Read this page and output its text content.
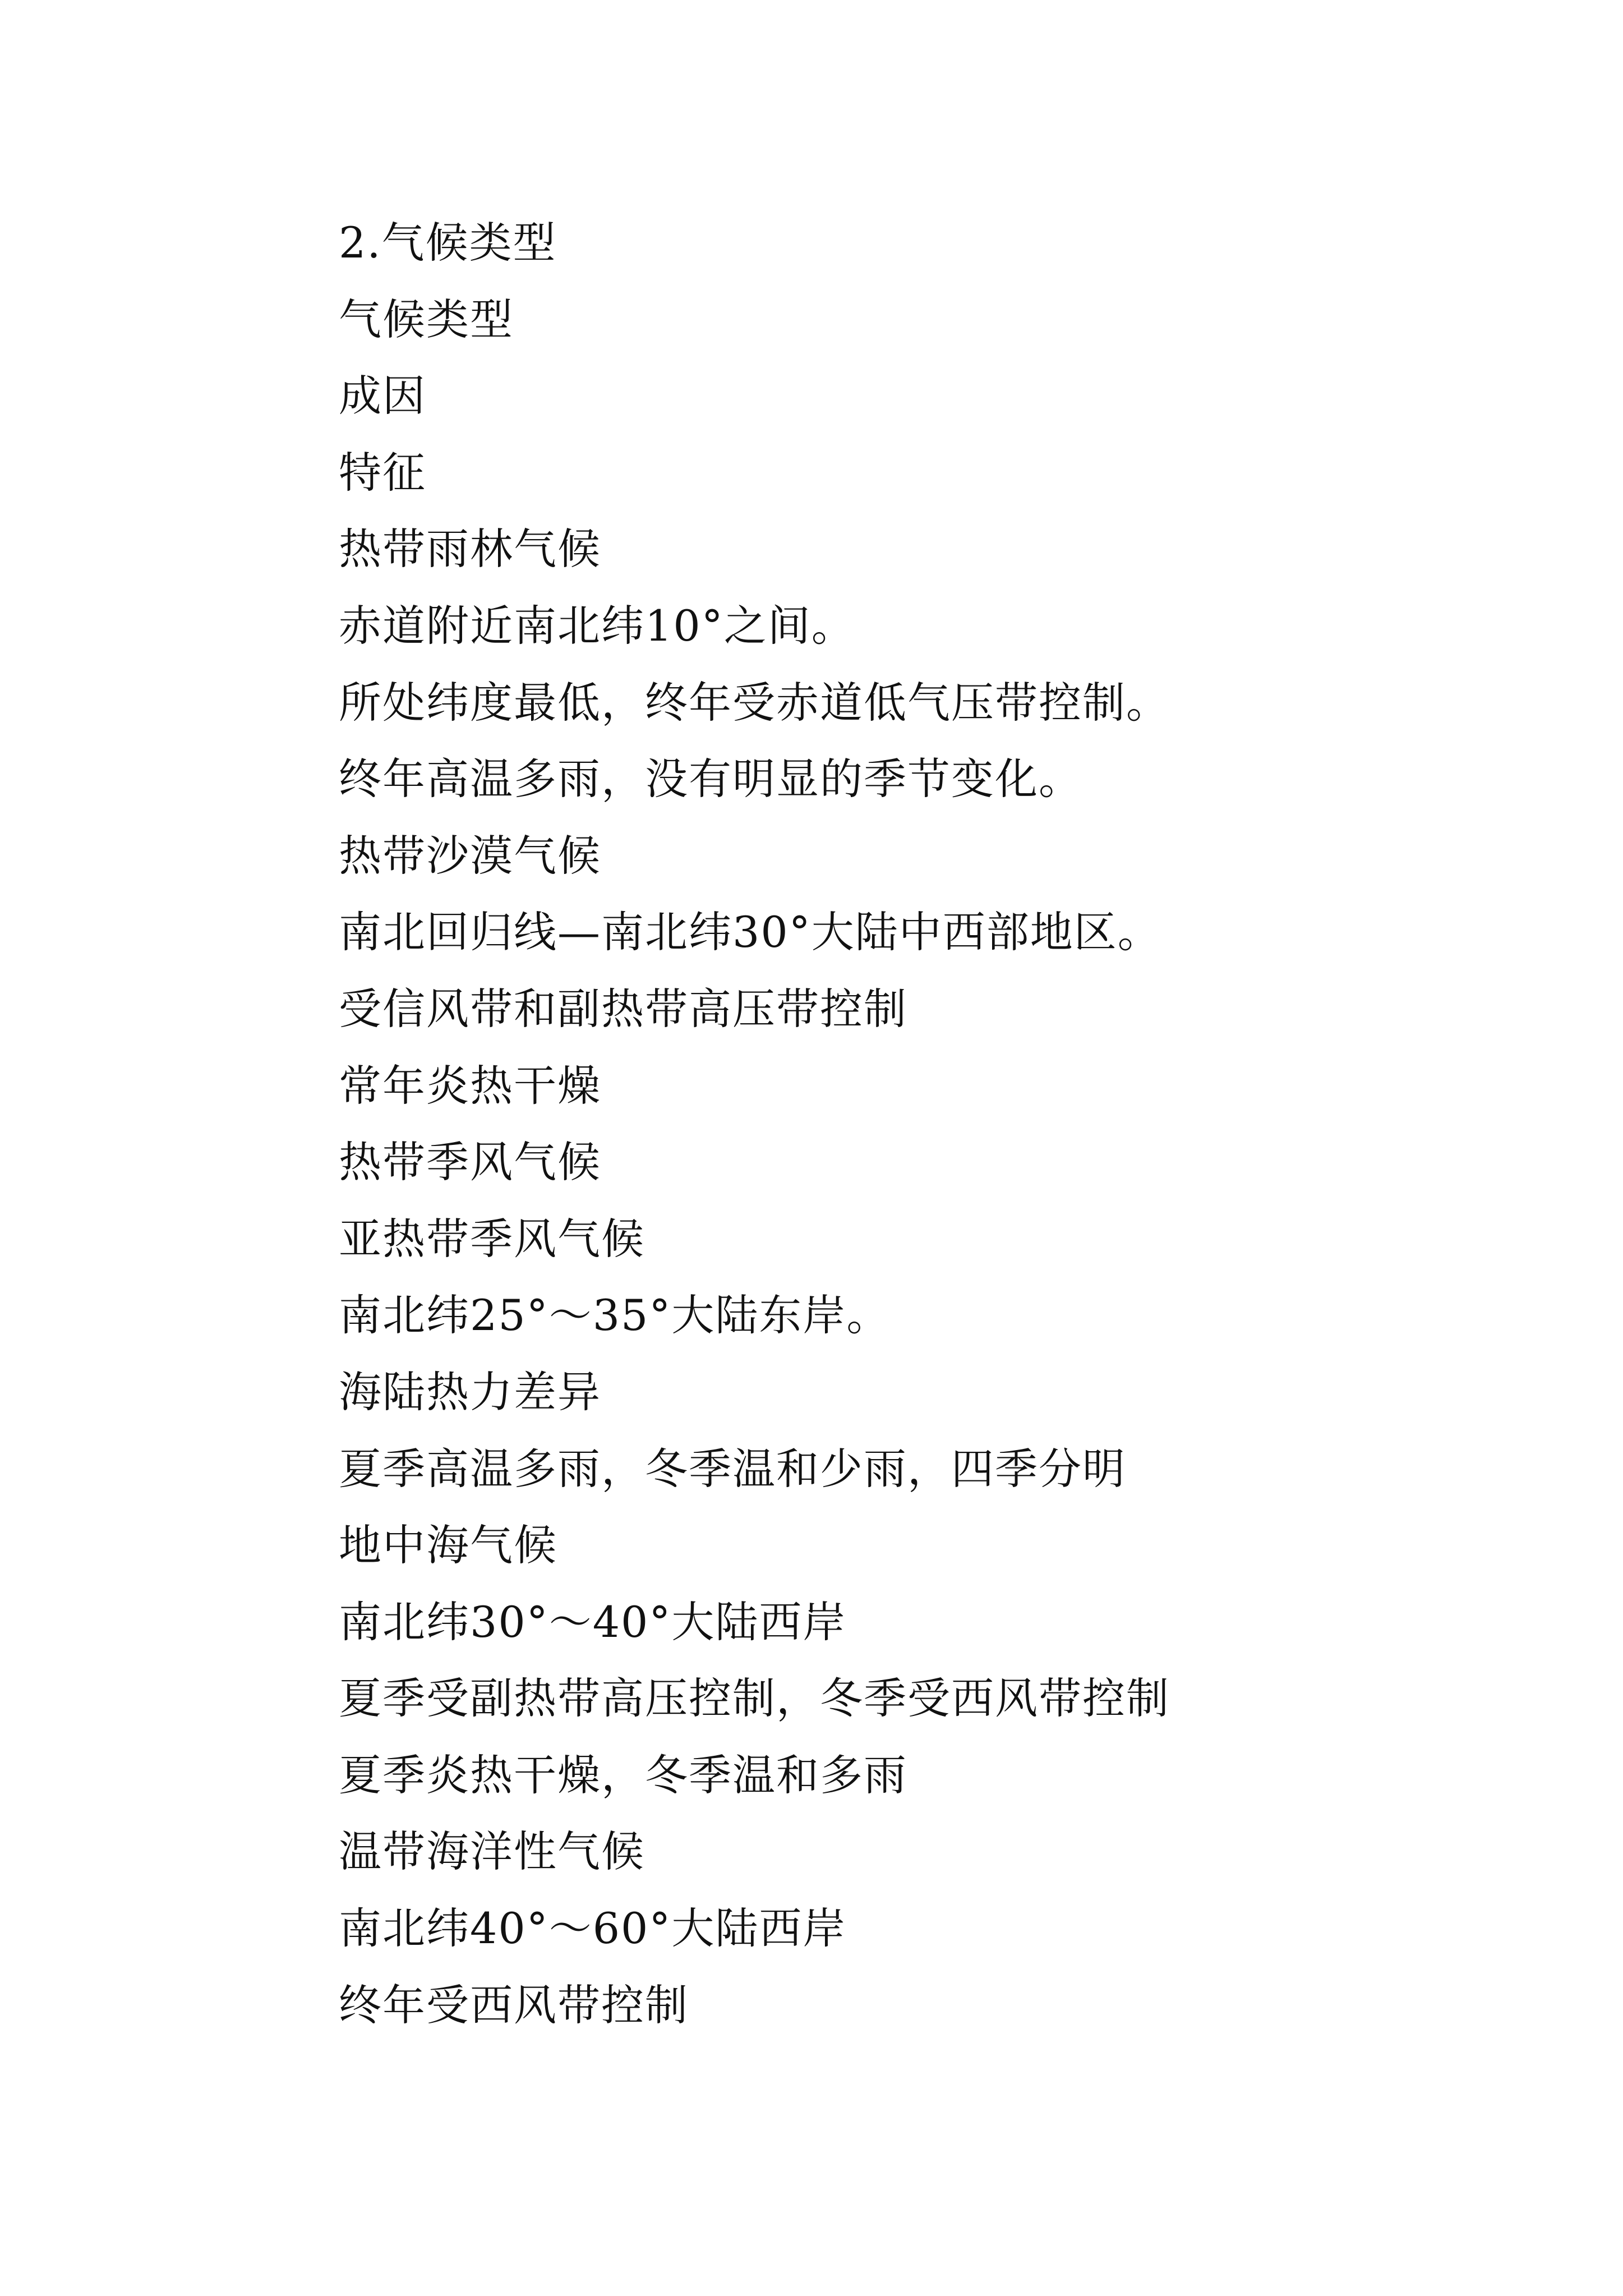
2.气候类型
气候类型
成因
特征
热带雨林气候
赤道附近南北纬10°之间。
所处纬度最低，终年受赤道低气压带控制。
终年高温多雨，没有明显的季节变化。
热带沙漠气候
南北回归线—南北纬30°大陆中西部地区。
受信风带和副热带高压带控制
常年炎热干燥
热带季风气候
亚热带季风气候
南北纬25°～35°大陆东岸。
海陆热力差异
夏季高温多雨，冬季温和少雨，四季分明
地中海气候
南北纬30°～40°大陆西岸
夏季受副热带高压控制，冬季受西风带控制
夏季炎热干燥，冬季温和多雨
温带海洋性气候
南北纬40°～60°大陆西岸
终年受西风带控制
